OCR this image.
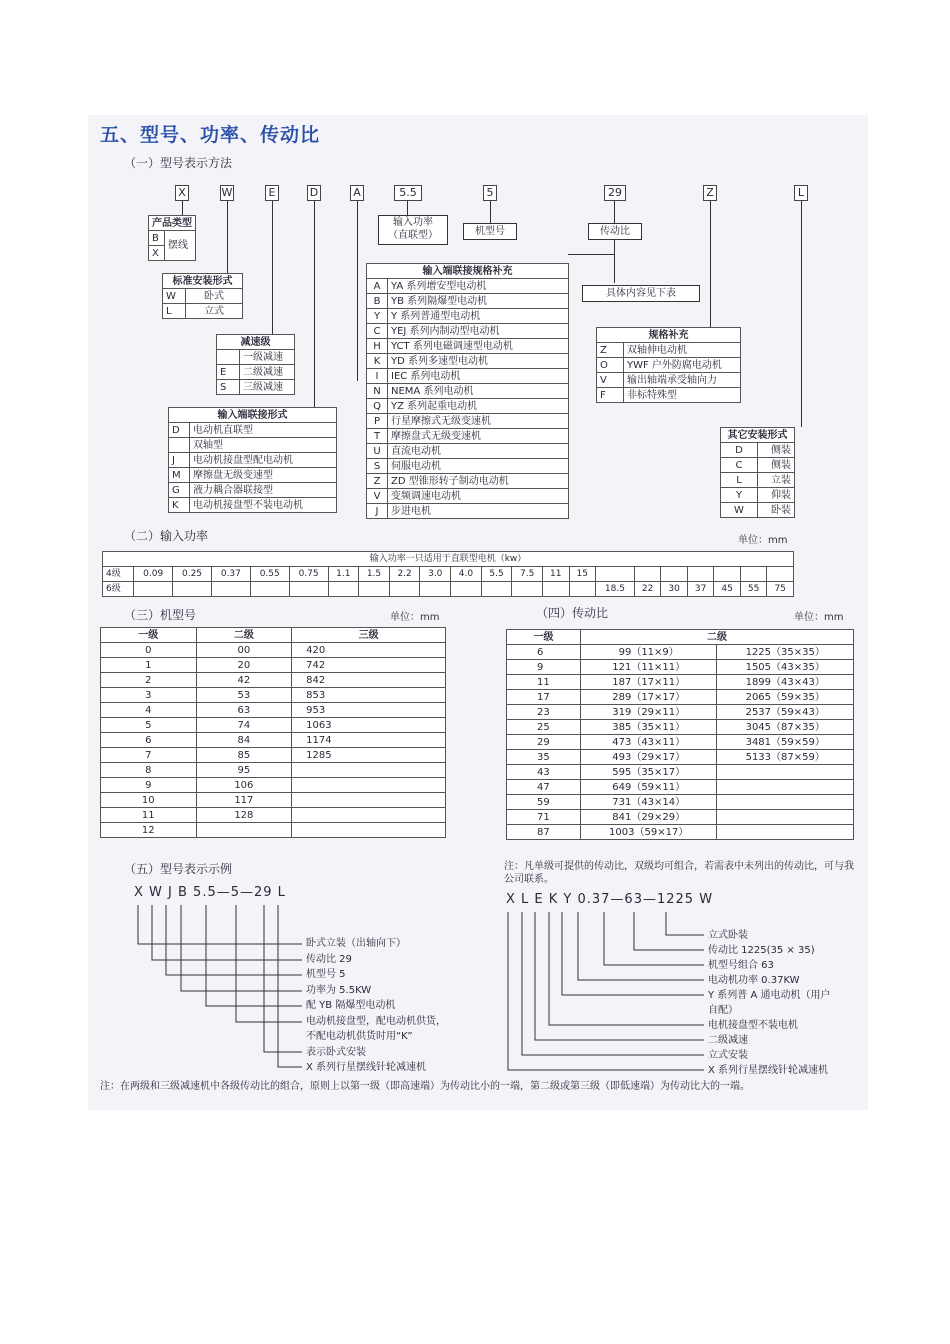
五、型号、功率、传动比
（一）型号表示方法
X	W	E	D	A	5.5	5	29	Z	L
产品类型
B	摆线
X
标准安装形式	
W	卧式
L	立式
减速级	
	一级减速
E	二级减速
S	三级减速
输入端联接形式	
D	电动机直联型
	双轴型
J	电动机接盘型配电动机
M	摩擦盘无级变速型
G	液力耦合器联接型
K	电动机接盘型不装电动机
输入功率
（直联型）	机型号	传动比
具体内容见下表
输入端联接规格补充	
A	YA 系列增安型电动机
B	YB 系列隔爆型电动机
Y	Y 系列普通型电动机
C	YEJ 系列内制动型电动机
H	YCT 系列电磁调速型电动机
K	YD 系列多速型电动机
I	IEC 系列电动机
N	NEMA 系列电动机
Q	YZ 系列起重电动机
P	行星摩擦式无级变速机
T	摩擦盘式无级变速机
U	直流电动机
S	伺服电动机
Z	ZD 型锥形转子制动电动机
V	变频调速电动机
J	步进电机
规格补充	
Z	双轴伸电动机
O	YWF 户外防腐电动机
V	输出轴端承受轴向力
F	非标特殊型
其它安装形式	
D	侧装
C	侧装
L	立装
Y	仰装
W	卧装
（二）输入功率	单位：mm
输入功率一只适用于直联型电机（kw）																					
4级	0.09	0.25	0.37	0.55	0.75	1.1	1.5	2.2	3.0	4.0	5.5	7.5	11	15							
6级															18.5	22	30	37	45	55	75
（三）机型号	单位：mm
一级	二级	三级
0	00	420
1	20	742
2	42	842
3	53	853
4	63	953
5	74	1063
6	84	1174
7	85	1285
8	95	
9	106	
10	117	
11	128	
12		
（四）传动比	单位：mm
一级	二级	
6	99（11×9）	1225（35×35）
9	121（11×11）	1505（43×35）
11	187（17×11）	1899（43×43）
17	289（17×17）	2065（59×35）
23	319（29×11）	2537（59×43）
25	385（35×11）	3045（87×35）
29	473（43×11）	3481（59×59）
35	493（29×17）	5133（87×59）
43	595（35×17）	
47	649（59×11）	
59	731（43×14）	
71	841（29×29）	
87	1003（59×17）	
注：凡单级可提供的传动比，双级均可组合，若需表中未列出的传动比，可与我公司联系。
（五）型号表示示例
X W J B 5.5—5—29 L	X L E K Y 0.37—63—1225 W
卧式立装（出轴向下）
传动比 29
机型号 5
功率为 5.5KW
配 YB 隔爆型电动机
电动机接盘型，配电动机供货，
不配电动机供货时用“K”
表示卧式安装
X 系列行星摆线针轮减速机
立式卧装
传动比 1225(35 × 35)
机型号组合 63
电动机功率 0.37KW
Y 系列普 A 通电动机（用户
自配）
电机接盘型不装电机
二级减速
立式安装
X 系列行星摆线针轮减速机
注：在两级和三级减速机中各级传动比的组合，原则上以第一级（即高速端）为传动比小的一端，第二级或第三级（即低速端）为传动比大的一端。
